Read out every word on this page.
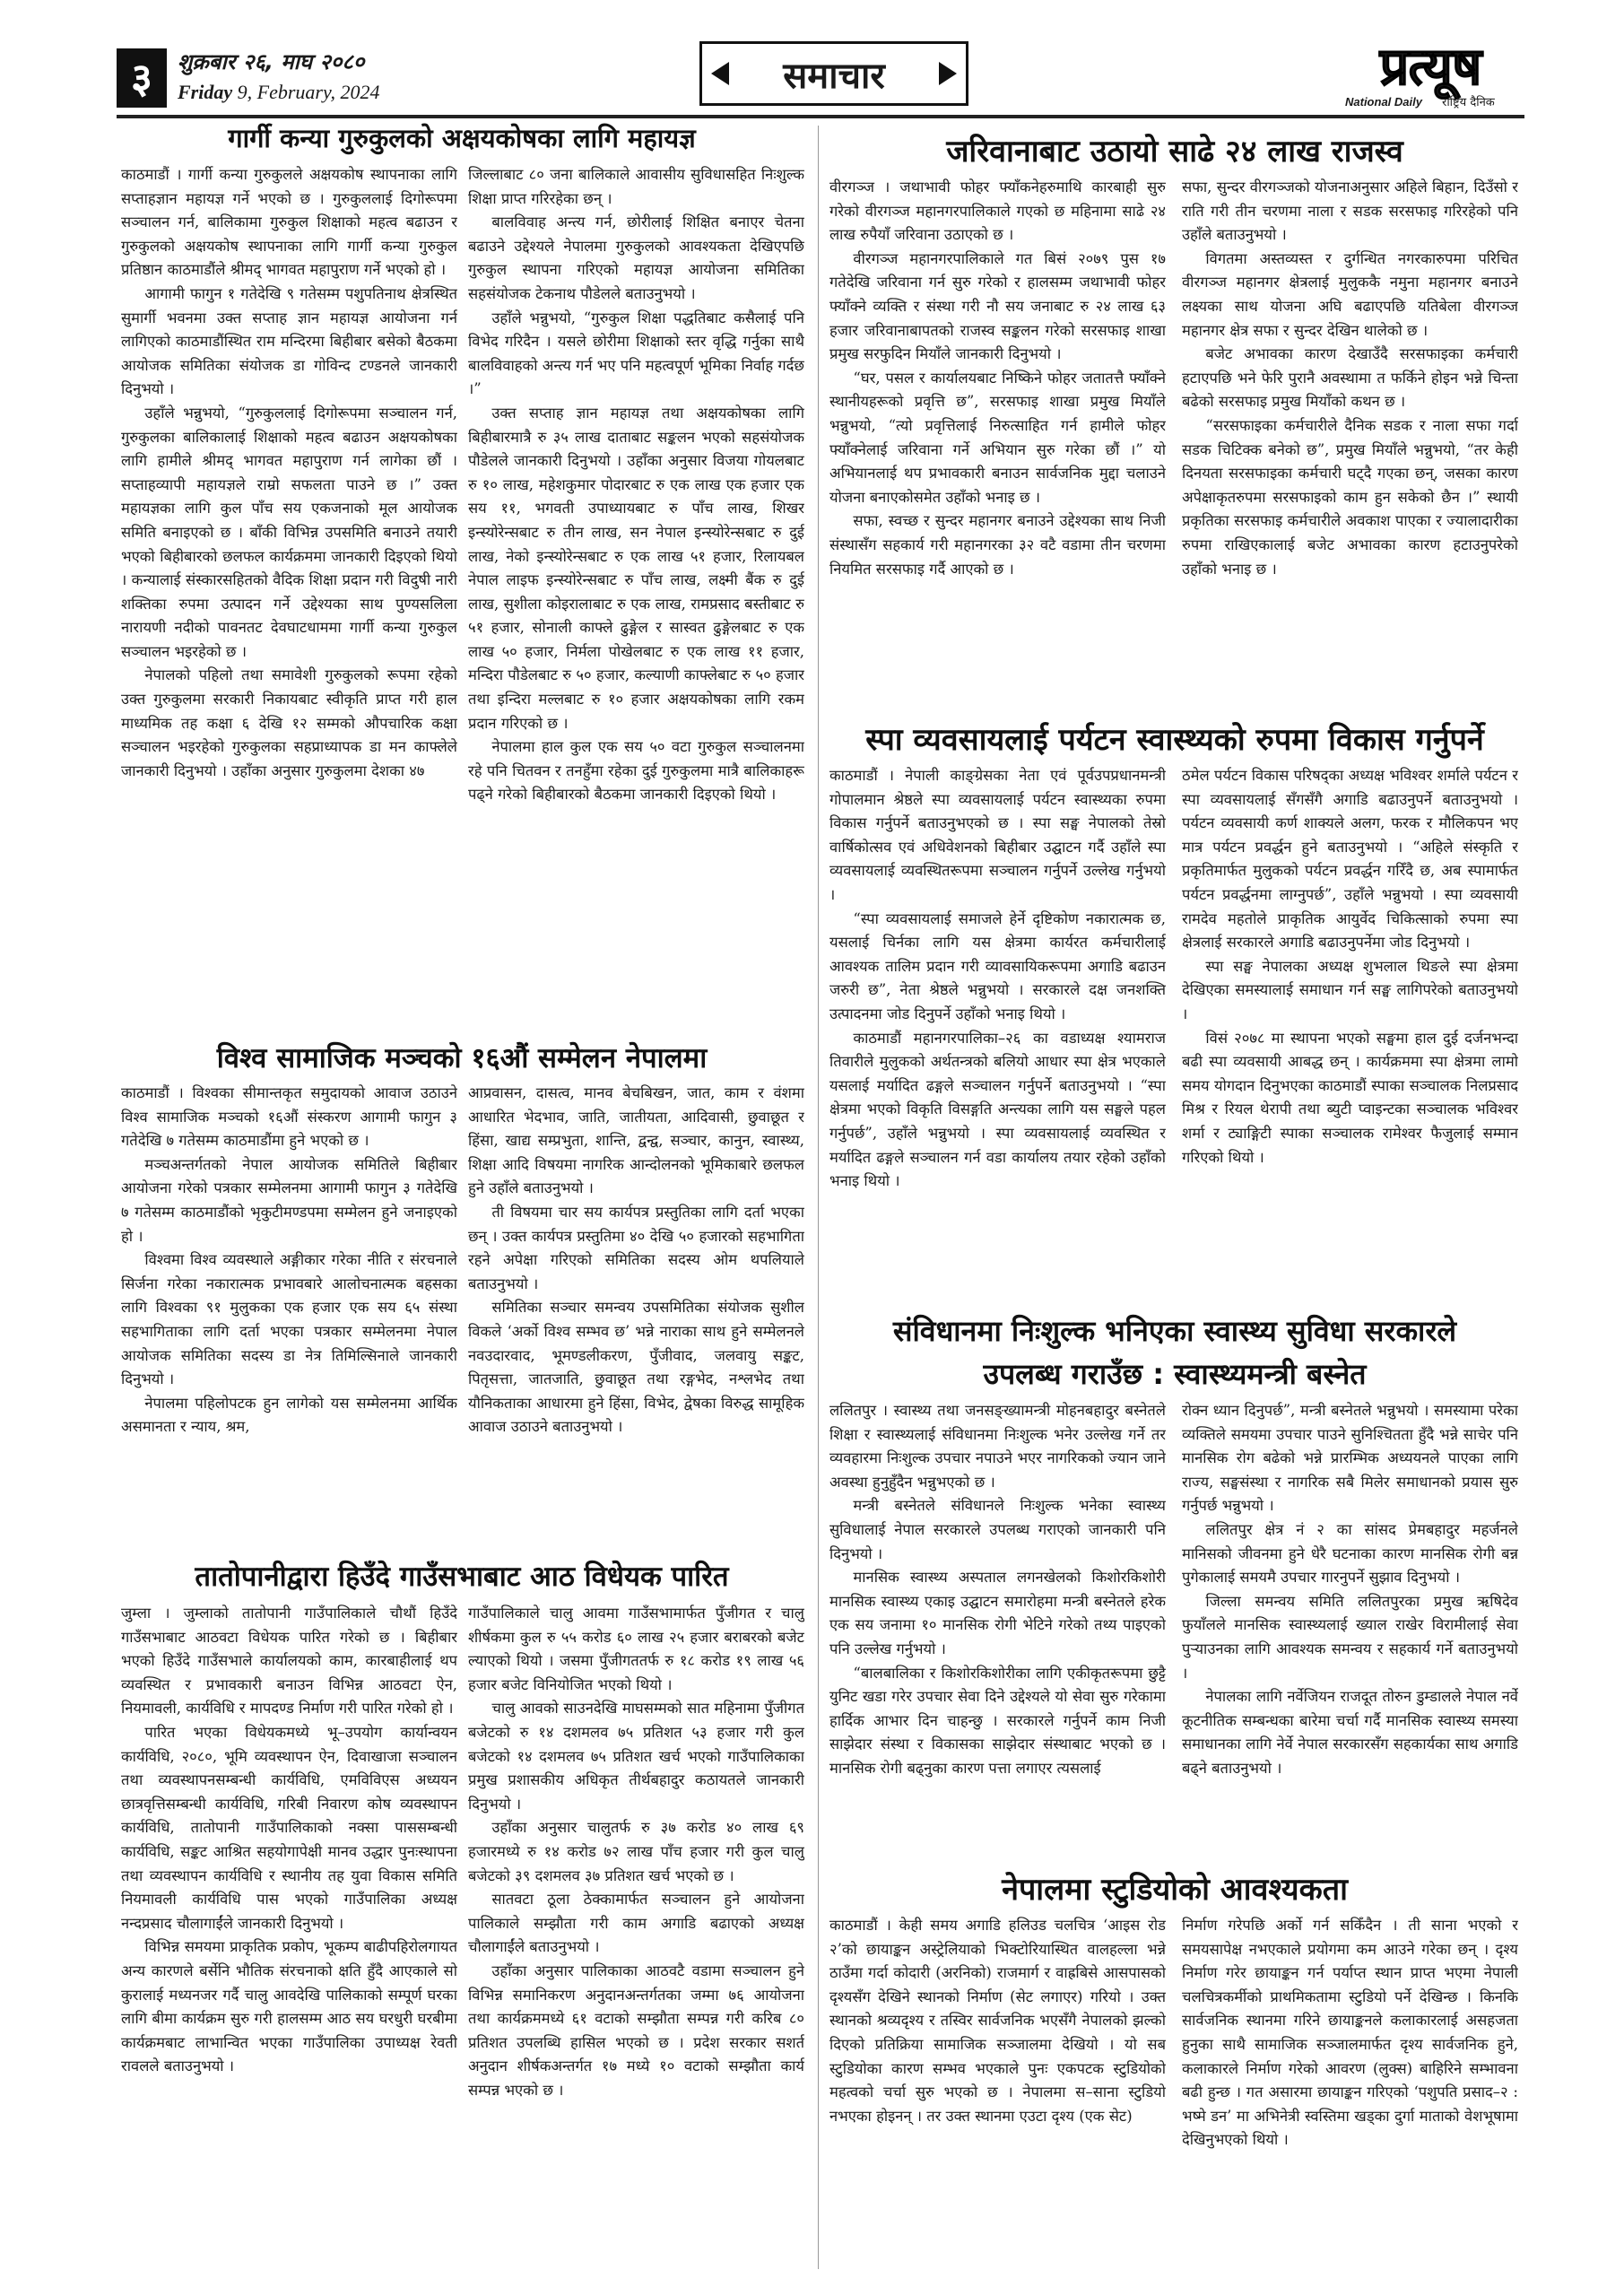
३	शुक्रबार २६, माघ २०८०
Friday 9, February, 2024	समाचार	प्रत्यूष
National Daily राष्ट्रिय दैनिक
गार्गी कन्या गुरुकुलको अक्षयकोषका लागि महायज्ञ

काठमाडौं । गार्गी कन्या गुरुकुलले अक्षयकोष स्थापनाका लागि सप्ताहज्ञान महायज्ञ गर्ने भएको छ । गुरुकुललाई दिगोरूपमा सञ्चालन गर्न, बालिकामा गुरुकुल शिक्षाको महत्व बढाउन र गुरुकुलको अक्षयकोष स्थापनाका लागि गार्गी कन्या गुरुकुल प्रतिष्ठान काठमाडौंले श्रीमद् भागवत महापुराण गर्ने भएको हो ।

आगामी फागुन १ गतेदेखि ९ गतेसम्म पशुपतिनाथ क्षेत्रस्थित सुमार्गी भवनमा उक्त सप्ताह ज्ञान महायज्ञ आयोजना गर्न लागिएको काठमाडौंस्थित राम मन्दिरमा बिहीबार बसेको बैठकमा आयोजक समितिका संयोजक डा गोविन्द टण्डनले जानकारी दिनुभयो ।

उहाँले भन्नुभयो, “गुरुकुललाई दिगोरूपमा सञ्चालन गर्न, गुरुकुलका बालिकालाई शिक्षाको महत्व बढाउन अक्षयकोषका लागि हामीले श्रीमद् भागवत महापुराण गर्न लागेका छौं । सप्ताहव्यापी महायज्ञले राम्रो सफलता पाउने छ ।” उक्त महायज्ञका लागि कुल पाँच सय एकजनाको मूल आयोजक समिति बनाइएको छ । बाँकी विभिन्न उपसमिति बनाउने तयारी भएको बिहीबारको छलफल कार्यक्रममा जानकारी दिइएको थियो । कन्यालाई संस्कारसहितको वैदिक शिक्षा प्रदान गरी विदुषी नारी शक्तिका रुपमा उत्पादन गर्ने उद्देश्यका साथ पुण्यसलिला नारायणी नदीको पावनतट देवघाटधाममा गार्गी कन्या गुरुकुल सञ्चालन भइरहेको छ ।

नेपालको पहिलो तथा समावेशी गुरुकुलको रूपमा रहेको उक्त गुरुकुलमा सरकारी निकायबाट स्वीकृति प्राप्त गरी हाल माध्यमिक तह कक्षा ६ देखि १२ सम्मको औपचारिक कक्षा सञ्चालन भइरहेको गुरुकुलका सहप्राध्यापक डा मन काफ्लेले जानकारी दिनुभयो । उहाँका अनुसार गुरुकुलमा देशका ४७

जिल्लाबाट ८० जना बालिकाले आवासीय सुविधासहित निःशुल्क शिक्षा प्राप्त गरिरहेका छन् ।

बालविवाह अन्त्य गर्न, छोरीलाई शिक्षित बनाएर चेतना बढाउने उद्देश्यले नेपालमा गुरुकुलको आवश्यकता देखिएपछि गुरुकुल स्थापना गरिएको महायज्ञ आयोजना समितिका सहसंयोजक टेकनाथ पौडेलले बताउनुभयो ।

उहाँले भन्नुभयो, “गुरुकुल शिक्षा पद्धतिबाट कसैलाई पनि विभेद गरिदैन । यसले छोरीमा शिक्षाको स्तर वृद्धि गर्नुका साथै बालविवाहको अन्त्य गर्न भए पनि महत्वपूर्ण भूमिका निर्वाह गर्दछ ।”

उक्त सप्ताह ज्ञान महायज्ञ तथा अक्षयकोषका लागि बिहीबारमात्रै रु ३५ लाख दाताबाट सङ्कलन भएको सहसंयोजक पौडेलले जानकारी दिनुभयो । उहाँका अनुसार विजया गोयलबाट रु १० लाख, महेशकुमार पोदारबाट रु एक लाख एक हजार एक सय ११, भगवती उपाध्यायबाट रु पाँच लाख, शिखर इन्स्योरेन्सबाट रु तीन लाख, सन नेपाल इन्स्योरेन्सबाट रु दुई लाख, नेको इन्स्योरेन्सबाट रु एक लाख ५१ हजार, रिलायबल नेपाल लाइफ इन्स्योरेन्सबाट रु पाँच लाख, लक्ष्मी बैंक रु दुई लाख, सुशीला कोइरालाबाट रु एक लाख, रामप्रसाद बस्तीबाट रु ५१ हजार, सोनाली काफ्ले ढुङ्गेल र सास्वत ढुङ्गेलबाट रु एक लाख ५० हजार, निर्मला पोखेलबाट रु एक लाख ११ हजार, मन्दिरा पौडेलबाट रु ५० हजार, कल्याणी काफ्लेबाट रु ५० हजार तथा इन्दिरा मल्लबाट रु १० हजार अक्षयकोषका लागि रकम प्रदान गरिएको छ ।

नेपालमा हाल कुल एक सय ५० वटा गुरुकुल सञ्चालनमा रहे पनि चितवन र तनहुँमा रहेका दुई गुरुकुलमा मात्रै बालिकाहरू पढ्ने गरेको बिहीबारको बैठकमा जानकारी दिइएको थियो ।

विश्व सामाजिक मञ्चको १६औं सम्मेलन नेपालमा

काठमाडौं । विश्वका सीमान्तकृत समुदायको आवाज उठाउने विश्व सामाजिक मञ्चको १६औं संस्करण आगामी फागुन ३ गतेदेखि ७ गतेसम्म काठमाडौंमा हुने भएको छ ।

मञ्चअन्तर्गतको नेपाल आयोजक समितिले बिहीबार आयोजना गरेको पत्रकार सम्मेलनमा आगामी फागुन ३ गतेदेखि ७ गतेसम्म काठमाडौंको भृकुटीमण्डपमा सम्मेलन हुने जनाइएको हो ।

विश्वमा विश्व व्यवस्थाले अङ्गीकार गरेका नीति र संरचनाले सिर्जना गरेका नकारात्मक प्रभावबारे आलोचनात्मक बहसका लागि विश्वका ९१ मुलुकका एक हजार एक सय ६५ संस्था सहभागिताका लागि दर्ता भएका पत्रकार सम्मेलनमा नेपाल आयोजक समितिका सदस्य डा नेत्र तिमिल्सिनाले जानकारी दिनुभयो ।

नेपालमा पहिलोपटक हुन लागेको यस सम्मेलनमा आर्थिक असमानता र न्याय, श्रम,

आप्रवासन, दासत्व, मानव बेचबिखन, जात, काम र वंशमा आधारित भेदभाव, जाति, जातीयता, आदिवासी, छुवाछूत र हिंसा, खाद्य सम्प्रभुता, शान्ति, द्वन्द्व, सञ्चार, कानुन, स्वास्थ्य, शिक्षा आदि विषयमा नागरिक आन्दोलनको भूमिकाबारे छलफल हुने उहाँले बताउनुभयो ।

ती विषयमा चार सय कार्यपत्र प्रस्तुतिका लागि दर्ता भएका छन् । उक्त कार्यपत्र प्रस्तुतिमा ४० देखि ५० हजारको सहभागिता रहने अपेक्षा गरिएको समितिका सदस्य ओम थपलियाले बताउनुभयो ।

समितिका सञ्चार समन्वय उपसमितिका संयोजक सुशील विकले ‘अर्को विश्व सम्भव छ’ भन्ने नाराका साथ हुने सम्मेलनले नवउदारवाद, भूमण्डलीकरण, पुँजीवाद, जलवायु सङ्कट, पितृसत्ता, जातजाति, छुवाछूत तथा रङ्गभेद, नश्लभेद तथा यौनिकताका आधारमा हुने हिंसा, विभेद, द्वेषका विरुद्ध सामूहिक आवाज उठाउने बताउनुभयो ।

तातोपानीद्वारा हिउँदे गाउँसभाबाट आठ विधेयक पारित

जुम्ला । जुम्लाको तातोपानी गाउँपालिकाले चौथौं हिउँदे गाउँसभाबाट आठवटा विधेयक पारित गरेको छ । बिहीबार भएको हिउँदे गाउँसभाले कार्यालयको काम, कारबाहीलाई थप व्यवस्थित र प्रभावकारी बनाउन विभिन्न आठवटा ऐन, नियमावली, कार्यविधि र मापदण्ड निर्माण गरी पारित गरेको हो ।

पारित भएका विधेयकमध्ये भू–उपयोग कार्यान्वयन कार्यविधि, २०८०, भूमि व्यवस्थापन ऐन, दिवाखाजा सञ्चालन तथा व्यवस्थापनसम्बन्धी कार्यविधि, एमविविएस अध्ययन छात्रवृत्तिसम्बन्धी कार्यविधि, गरिबी निवारण कोष व्यवस्थापन कार्यविधि, तातोपानी गाउँपालिकाको नक्सा पाससम्बन्धी कार्यविधि, सङ्कट आश्रित सहयोगापेक्षी मानव उद्धार पुनःस्थापना तथा व्यवस्थापन कार्यविधि र स्थानीय तह युवा विकास समिति नियमावली कार्यविधि पास भएको गाउँपालिका अध्यक्ष नन्दप्रसाद चौलागाईंले जानकारी दिनुभयो ।

विभिन्न समयमा प्राकृतिक प्रकोप, भूकम्प बाढीपहिरोलगायत अन्य कारणले बर्सेनि भौतिक संरचनाको क्षति हुँदै आएकाले सो कुरालाई मध्यनजर गर्दै चालु आवदेखि पालिकाको सम्पूर्ण घरका लागि बीमा कार्यक्रम सुरु गरी हालसम्म आठ सय घरधुरी घरबीमा कार्यक्रमबाट लाभान्वित भएका गाउँपालिका उपाध्यक्ष रेवती रावलले बताउनुभयो ।

गाउँपालिकाले चालु आवमा गाउँसभामार्फत पुँजीगत र चालु शीर्षकमा कुल रु ५५ करोड ६० लाख २५ हजार बराबरको बजेट ल्याएको थियो । जसमा पुँजीगततर्फ रु १८ करोड १९ लाख ५६ हजार बजेट विनियोजित भएको थियो ।

चालु आवको साउनदेखि माघसम्मको सात महिनामा पुँजीगत बजेटको रु १४ दशमलव ७५ प्रतिशत ५३ हजार गरी कुल बजेटको १४ दशमलव ७५ प्रतिशत खर्च भएको गाउँपालिकाका प्रमुख प्रशासकीय अधिकृत तीर्थबहादुर कठायतले जानकारी दिनुभयो ।

उहाँका अनुसार चालुतर्फ रु ३७ करोड ४० लाख ६९ हजारमध्ये रु १४ करोड ७२ लाख पाँच हजार गरी कुल चालु बजेटको ३९ दशमलव ३७ प्रतिशत खर्च भएको छ ।

सातवटा ठूला ठेक्कामार्फत सञ्चालन हुने आयोजना पालिकाले सम्झौता गरी काम अगाडि बढाएको अध्यक्ष चौलागाईंले बताउनुभयो ।

उहाँका अनुसार पालिकाका आठवटै वडामा सञ्चालन हुने विभिन्न समानिकरण अनुदानअन्तर्गतका जम्मा ७६ आयोजना तथा कार्यक्रममध्ये ६१ वटाको सम्झौता सम्पन्न गरी करिब ८० प्रतिशत उपलब्धि हासिल भएको छ । प्रदेश सरकार सशर्त अनुदान शीर्षकअन्तर्गत १७ मध्ये १० वटाको सम्झौता कार्य सम्पन्न भएको छ ।

जरिवानाबाट उठायो साढे २४ लाख राजस्व

वीरगञ्ज । जथाभावी फोहर फ्याँकनेहरुमाथि कारबाही सुरु गरेको वीरगञ्ज महानगरपालिकाले गएको छ महिनामा साढे २४ लाख रुपैयाँ जरिवाना उठाएको छ ।

वीरगञ्ज महानगरपालिकाले गत बिसं २०७९ पुस १७ गतेदेखि जरिवाना गर्न सुरु गरेको र हालसम्म जथाभावी फोहर फ्याँक्ने व्यक्ति र संस्था गरी नौ सय जनाबाट रु २४ लाख ६३ हजार जरिवानाबापतको राजस्व सङ्कलन गरेको सरसफाइ शाखा प्रमुख सरफुदिन मियाँले जानकारी दिनुभयो ।

“घर, पसल र कार्यालयबाट निष्किने फोहर जतातत्तै फ्याँक्ने स्थानीयहरूको प्रवृत्ति छ”, सरसफाइ शाखा प्रमुख मियाँले भन्नुभयो, “त्यो प्रवृत्तिलाई निरुत्साहित गर्न हामीले फोहर फ्याँक्नेलाई जरिवाना गर्ने अभियान सुरु गरेका छौं ।” यो अभियानलाई थप प्रभावकारी बनाउन सार्वजनिक मुद्दा चलाउने योजना बनाएकोसमेत उहाँको भनाइ छ ।

सफा, स्वच्छ र सुन्दर महानगर बनाउने उद्देश्यका साथ निजी संस्थासँग सहकार्य गरी महानगरका ३२ वटै वडामा तीन चरणमा नियमित सरसफाइ गर्दै आएको छ ।

सफा, सुन्दर वीरगञ्जको योजनाअनुसार अहिले बिहान, दिउँसो र राति गरी तीन चरणमा नाला र सडक सरसफाइ गरिरहेको पनि उहाँले बताउनुभयो ।

विगतमा अस्तव्यस्त र दुर्गन्धित नगरकारुपमा परिचित वीरगञ्ज महानगर क्षेत्रलाई मुलुककै नमुना महानगर बनाउने लक्ष्यका साथ योजना अघि बढाएपछि यतिबेला वीरगञ्ज महानगर क्षेत्र सफा र सुन्दर देखिन थालेको छ ।

बजेट अभावका कारण देखाउँदै सरसफाइका कर्मचारी हटाएपछि भने फेरि पुरानै अवस्थामा त फर्किने होइन भन्ने चिन्ता बढेको सरसफाइ प्रमुख मियाँको कथन छ ।

“सरसफाइका कर्मचारीले दैनिक सडक र नाला सफा गर्दा सडक चिटिक्क बनेको छ”, प्रमुख मियाँले भन्नुभयो, “तर केही दिनयता सरसफाइका कर्मचारी घट्दै गएका छन्, जसका कारण अपेक्षाकृतरुपमा सरसफाइको काम हुन सकेको छैन ।” स्थायी प्रकृतिका सरसफाइ कर्मचारीले अवकाश पाएका र ज्यालादारीका रुपमा राखिएकालाई बजेट अभावका कारण हटाउनुपरेको उहाँको भनाइ छ ।

स्पा व्यवसायलाई पर्यटन स्वास्थ्यको रुपमा विकास गर्नुपर्ने

काठमाडौं । नेपाली काङ्ग्रेसका नेता एवं पूर्वउपप्रधानमन्त्री गोपालमान श्रेष्ठले स्पा व्यवसायलाई पर्यटन स्वास्थ्यका रुपमा विकास गर्नुपर्ने बताउनुभएको छ । स्पा सङ्घ नेपालको तेस्रो वार्षिकोत्सव एवं अधिवेशनको बिहीबार उद्घाटन गर्दै उहाँले स्पा व्यवसायलाई व्यवस्थितरूपमा सञ्चालन गर्नुपर्ने उल्लेख गर्नुभयो ।

“स्पा व्यवसायलाई समाजले हेर्ने दृष्टिकोण नकारात्मक छ, यसलाई चिर्नका लागि यस क्षेत्रमा कार्यरत कर्मचारीलाई आवश्यक तालिम प्रदान गरी व्यावसायिकरूपमा अगाडि बढाउन जरुरी छ”, नेता श्रेष्ठले भन्नुभयो । सरकारले दक्ष जनशक्ति उत्पादनमा जोड दिनुपर्ने उहाँको भनाइ थियो ।

काठमाडौं महानगरपालिका–२६ का वडाध्यक्ष श्यामराज तिवारीले मुलुकको अर्थतन्त्रको बलियो आधार स्पा क्षेत्र भएकाले यसलाई मर्यादित ढङ्गले सञ्चालन गर्नुपर्ने बताउनुभयो । “स्पा क्षेत्रमा भएको विकृति विसङ्गति अन्त्यका लागि यस सङ्घले पहल गर्नुपर्छ”, उहाँले भन्नुभयो । स्पा व्यवसायलाई व्यवस्थित र मर्यादित ढङ्गले सञ्चालन गर्न वडा कार्यालय तयार रहेको उहाँको भनाइ थियो ।

ठमेल पर्यटन विकास परिषद्का अध्यक्ष भविश्वर शर्माले पर्यटन र स्पा व्यवसायलाई सँगसँगै अगाडि बढाउनुपर्ने बताउनुभयो । पर्यटन व्यवसायी कर्ण शाक्यले अलग, फरक र मौलिकपन भए मात्र पर्यटन प्रवर्द्धन हुने बताउनुभयो । “अहिले संस्कृति र प्रकृतिमार्फत मुलुकको पर्यटन प्रवर्द्धन गरिँदै छ, अब स्पामार्फत पर्यटन प्रवर्द्धनमा लाग्नुपर्छ”, उहाँले भन्नुभयो । स्पा व्यवसायी रामदेव महतोले प्राकृतिक आयुर्वेद चिकित्साको रुपमा स्पा क्षेत्रलाई सरकारले अगाडि बढाउनुपर्नेमा जोड दिनुभयो ।

स्पा सङ्घ नेपालका अध्यक्ष शुभलाल थिङले स्पा क्षेत्रमा देखिएका समस्यालाई समाधान गर्न सङ्घ लागिपरेको बताउनुभयो ।

विसं २०७८ मा स्थापना भएको सङ्घमा हाल दुई दर्जनभन्दा बढी स्पा व्यवसायी आबद्ध छन् । कार्यक्रममा स्पा क्षेत्रमा लामो समय योगदान दिनुभएका काठमाडौं स्पाका सञ्चालक निलप्रसाद मिश्र र रियल थेरापी तथा ब्युटी प्वाइन्टका सञ्चालक भविश्वर शर्मा र ट्याङ्गिटी स्पाका सञ्चालक रामेश्वर फैजुलाई सम्मान गरिएको थियो ।

संविधानमा निःशुल्क भनिएका स्वास्थ्य सुविधा सरकारले
उपलब्ध गराउँछ : स्वास्थ्यमन्त्री बस्नेत

ललितपुर । स्वास्थ्य तथा जनसङ्ख्यामन्त्री मोहनबहादुर बस्नेतले शिक्षा र स्वास्थ्यलाई संविधानमा निःशुल्क भनेर उल्लेख गर्ने तर व्यवहारमा निःशुल्क उपचार नपाउने भएर नागरिकको ज्यान जाने अवस्था हुनुहुँदैन भन्नुभएको छ ।

मन्त्री बस्नेतले संविधानले निःशुल्क भनेका स्वास्थ्य सुविधालाई नेपाल सरकारले उपलब्ध गराएको जानकारी पनि दिनुभयो ।

मानसिक स्वास्थ्य अस्पताल लगनखेलको किशोरकिशोरी मानसिक स्वास्थ्य एकाइ उद्घाटन समारोहमा मन्त्री बस्नेतले हरेक एक सय जनामा १० मानसिक रोगी भेटिने गरेको तथ्य पाइएको पनि उल्लेख गर्नुभयो ।

“बालबालिका र किशोरकिशोरीका लागि एकीकृतरूपमा छुट्टै युनिट खडा गरेर उपचार सेवा दिने उद्देश्यले यो सेवा सुरु गरेकामा हार्दिक आभार दिन चाहन्छु । सरकारले गर्नुपर्ने काम निजी साझेदार संस्था र विकासका साझेदार संस्थाबाट भएको छ । मानसिक रोगी बढ्नुका कारण पत्ता लगाएर त्यसलाई

रोक्न ध्यान दिनुपर्छ”, मन्त्री बस्नेतले भन्नुभयो । समस्यामा परेका व्यक्तिले समयमा उपचार पाउने सुनिश्चितता हुँदै भन्ने साचेर पनि मानसिक रोग बढेको भन्ने प्रारम्भिक अध्ययनले पाएका लागि राज्य, सङ्घसंस्था र नागरिक सबै मिलेर समाधानको प्रयास सुरु गर्नुपर्छ भन्नुभयो ।

ललितपुर क्षेत्र नं २ का सांसद प्रेमबहादुर महर्जनले मानिसको जीवनमा हुने धेरै घटनाका कारण मानसिक रोगी बन्न पुगेकालाई समयमै उपचार गारनुपर्ने सुझाव दिनुभयो ।

जिल्ला समन्वय समिति ललितपुरका प्रमुख ऋषिदेव फुयाँलले मानसिक स्वास्थ्यलाई ख्याल राखेर विरामीलाई सेवा पुऱ्याउनका लागि आवश्यक समन्वय र सहकार्य गर्ने बताउनुभयो ।

नेपालका लागि नर्वेजियन राजदूत तोरुन डुम्डालले नेपाल नर्वे कूटनीतिक सम्बन्धका बारेमा चर्चा गर्दै मानसिक स्वास्थ्य समस्या समाधानका लागि नेर्वे नेपाल सरकारसँग सहकार्यका साथ अगाडि बढ्ने बताउनुभयो ।

नेपालमा स्टुडियोको आवश्यकता

काठमाडौं । केही समय अगाडि हलिउड चलचित्र ‘आइस रोड २’को छायाङ्कन अस्ट्रेलियाको भिक्टोरियास्थित वालहल्ला भन्ने ठाउँमा गर्दा कोदारी (अरनिको) राजमार्ग र वाह्रबिसे आसपासको दृश्यसँग देखिने स्थानको निर्माण (सेट लगाएर) गरियो । उक्त स्थानको श्रव्यदृश्य र तस्विर सार्वजनिक भएसँगै नेपालको झल्को दिएको प्रतिक्रिया सामाजिक सञ्जालमा देखियो । यो सब स्टुडियोका कारण सम्भव भएकाले पुनः एकपटक स्टुडियोको महत्वको चर्चा सुरु भएको छ । नेपालमा स–साना स्टुडियो नभएका होइनन् । तर उक्त स्थानमा एउटा दृश्य (एक सेट)

निर्माण गरेपछि अर्को गर्न सकिँदैन । ती साना भएको र समयसापेक्ष नभएकाले प्रयोगमा कम आउने गरेका छन् । दृश्य निर्माण गरेर छायाङ्कन गर्न पर्याप्त स्थान प्राप्त भएमा नेपाली चलचित्रकर्मीको प्राथमिकतामा स्टुडियो पर्ने देखिन्छ । किनकि सार्वजनिक स्थानमा गरिने छायाङ्कनले कलाकारलाई असहजता हुनुका साथै सामाजिक सञ्जालमार्फत दृश्य सार्वजनिक हुने, कलाकारले निर्माण गरेको आवरण (लुक्स) बाहिरिने सम्भावना बढी हुन्छ । गत असारमा छायाङ्कन गरिएको ‘पशुपति प्रसाद–२ : भष्मे डन’ मा अभिनेत्री स्वस्तिमा खड्का दुर्गा माताको वेशभूषामा देखिनुभएको थियो ।
